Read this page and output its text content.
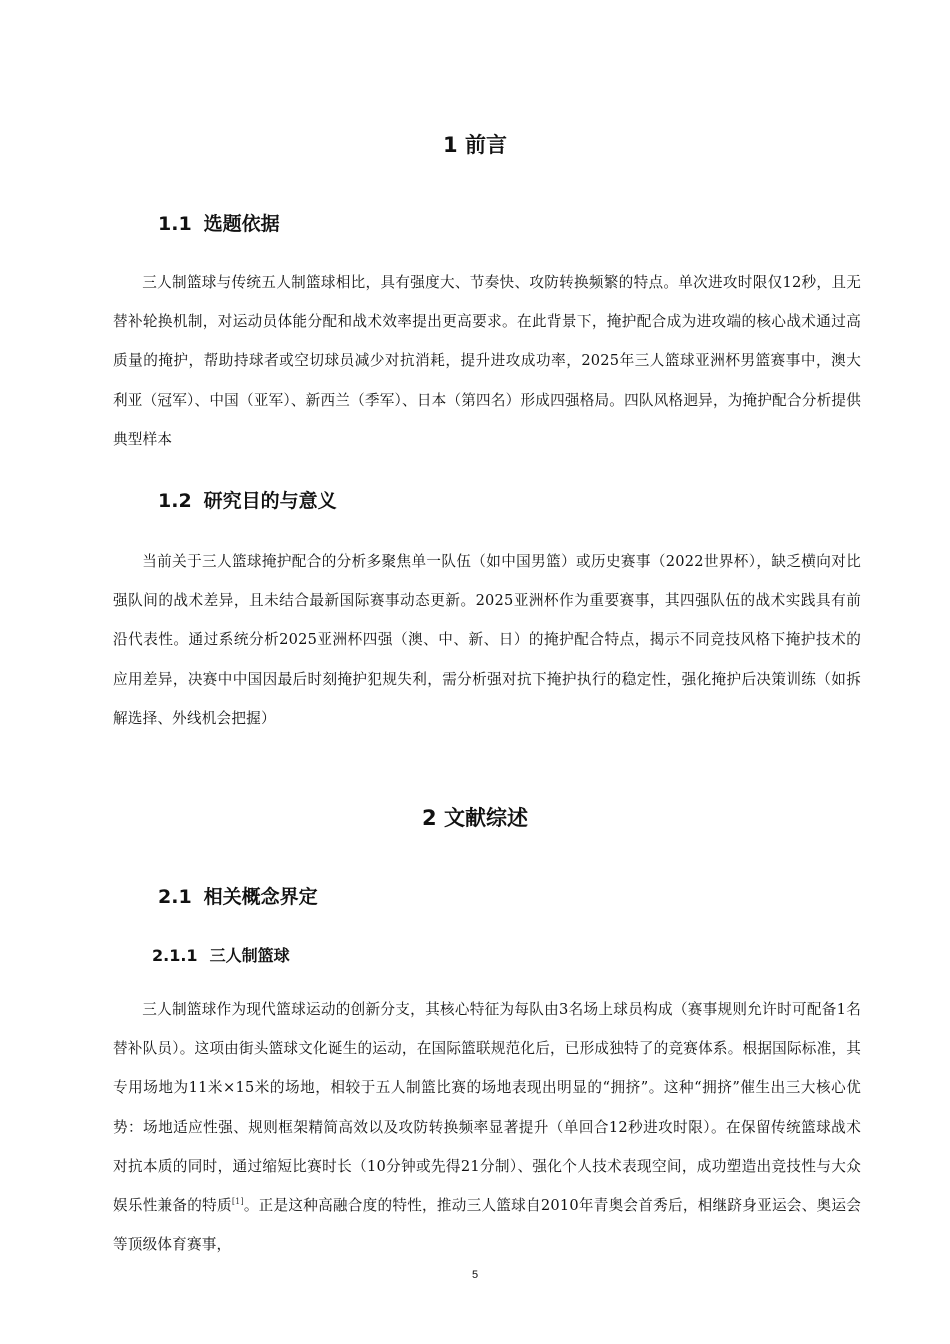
1 前言
1.1 选题依据

三人制篮球与传统五人制篮球相比，具有强度大、节奏快、攻防转换频繁的特点。单次进攻时限仅12秒，且无替补轮换机制，对运动员体能分配和战术效率提出更高要求。在此背景下，掩护配合成为进攻端的核心战术通过高质量的掩护，帮助持球者或空切球员减少对抗消耗，提升进攻成功率，2025年三人篮球亚洲杯男篮赛事中，澳大利亚（冠军）、中国（亚军）、新西兰（季军）、日本（第四名）形成四强格局。四队风格迥异，为掩护配合分析提供典型样本

1.2 研究目的与意义

当前关于三人篮球掩护配合的分析多聚焦单一队伍（如中国男篮）或历史赛事（2022世界杯），缺乏横向对比强队间的战术差异，且未结合最新国际赛事动态更新。2025亚洲杯作为重要赛事，其四强队伍的战术实践具有前沿代表性。通过系统分析2025亚洲杯四强（澳、中、新、日）的掩护配合特点，揭示不同竞技风格下掩护技术的应用差异，决赛中中国因最后时刻掩护犯规失利，需分析强对抗下掩护执行的稳定性，强化掩护后决策训练（如拆解选择、外线机会把握）

2 文献综述
2.1 相关概念界定
2.1.1 三人制篮球

三人制篮球作为现代篮球运动的创新分支，其核心特征为每队由3名场上球员构成（赛事规则允许时可配备1名替补队员）。这项由街头篮球文化诞生的运动，在国际篮联规范化后，已形成独特了的竞赛体系。根据国际标准，其专用场地为11米×15米的场地，相较于五人制篮比赛的场地表现出明显的“拥挤”。这种“拥挤”催生出三大核心优势：场地适应性强、规则框架精简高效以及攻防转换频率显著提升（单回合12秒进攻时限）。在保留传统篮球战术对抗本质的同时，通过缩短比赛时长（10分钟或先得21分制）、强化个人技术表现空间，成功塑造出竞技性与大众娱乐性兼备的特质[1]。正是这种高融合度的特性，推动三人篮球自2010年青奥会首秀后，相继跻身亚运会、奥运会等顶级体育赛事，

5
